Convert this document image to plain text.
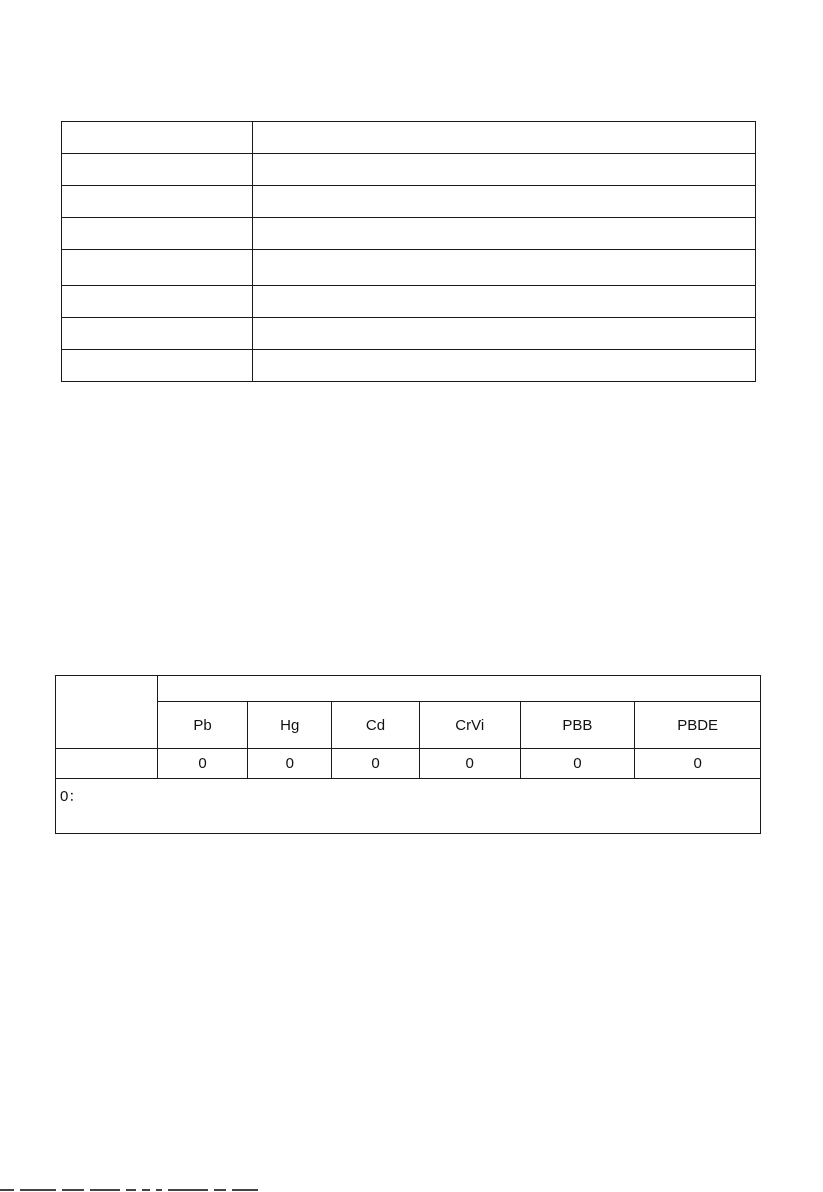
	Pb	Hg	Cd	CrVi	PBB	PBDE
	0	0	0	0	0	0
0：						
